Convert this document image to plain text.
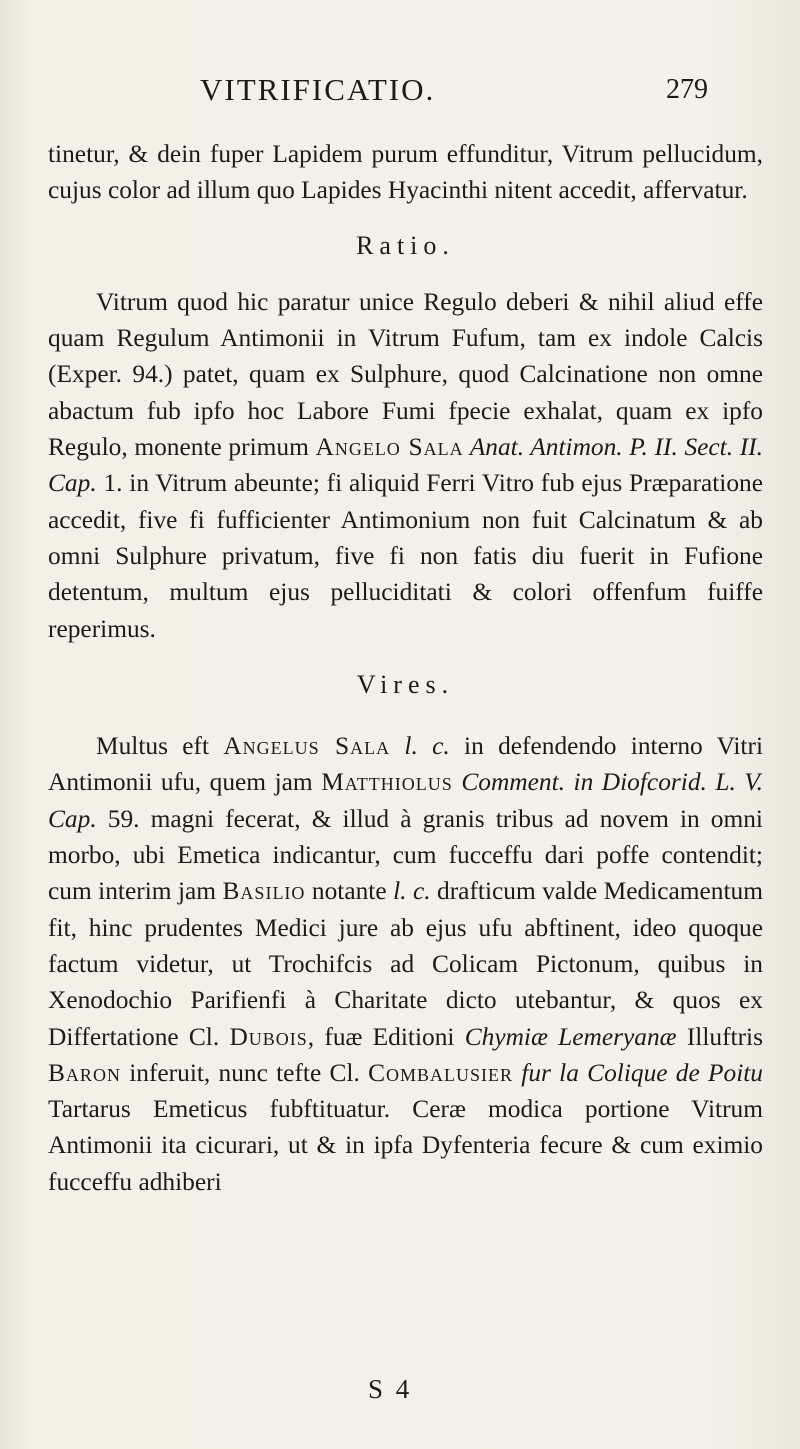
VITRIFICATIO.	279

tinetur, & dein fuper Lapidem purum effunditur, Vitrum pellucidum, cujus color ad illum quo Lapides Hyacinthi nitent accedit, affervatur.

Ratio.

Vitrum quod hic paratur unice Regulo deberi & nihil aliud effe quam Regulum Antimonii in Vitrum Fufum, tam ex indole Calcis (Exper. 94.) patet, quam ex Sulphure, quod Calcinatione non omne abactum fub ipfo hoc Labore Fumi fpecie exhalat, quam ex ipfo Regulo, monente primum Angelo Sala Anat. Antimon. P. II. Sect. II. Cap. 1. in Vitrum abeunte; fi aliquid Ferri Vitro fub ejus Præparatione accedit, five fi fufficienter Antimonium non fuit Calcinatum & ab omni Sulphure privatum, five fi non fatis diu fuerit in Fufione detentum, multum ejus pelluciditati & colori offenfum fuiffe reperimus.

Vires.

Multus eft Angelus Sala l. c. in defendendo interno Vitri Antimonii ufu, quem jam Matthiolus Comment. in Diofcorid. L. V. Cap. 59. magni fecerat, & illud à granis tribus ad novem in omni morbo, ubi Emetica indicantur, cum fucceffu dari poffe contendit; cum interim jam Basilio notante l. c. drafticum valde Medicamentum fit, hinc prudentes Medici jure ab ejus ufu abftinent, ideo quoque factum videtur, ut Trochifcis ad Colicam Pictonum, quibus in Xenodochio Parifienfi à Charitate dicto utebantur, & quos ex Differtatione Cl. Dubois, fuæ Editioni Chymiæ Lemeryanæ Illuftris Baron inferuit, nunc tefte Cl. Combalusier fur la Colique de Poitu Tartarus Emeticus fubftituatur. Ceræ modica portione Vitrum Antimonii ita cicurari, ut & in ipfa Dyfenteria fecure & cum eximio fucceffu adhiberi

S 4
